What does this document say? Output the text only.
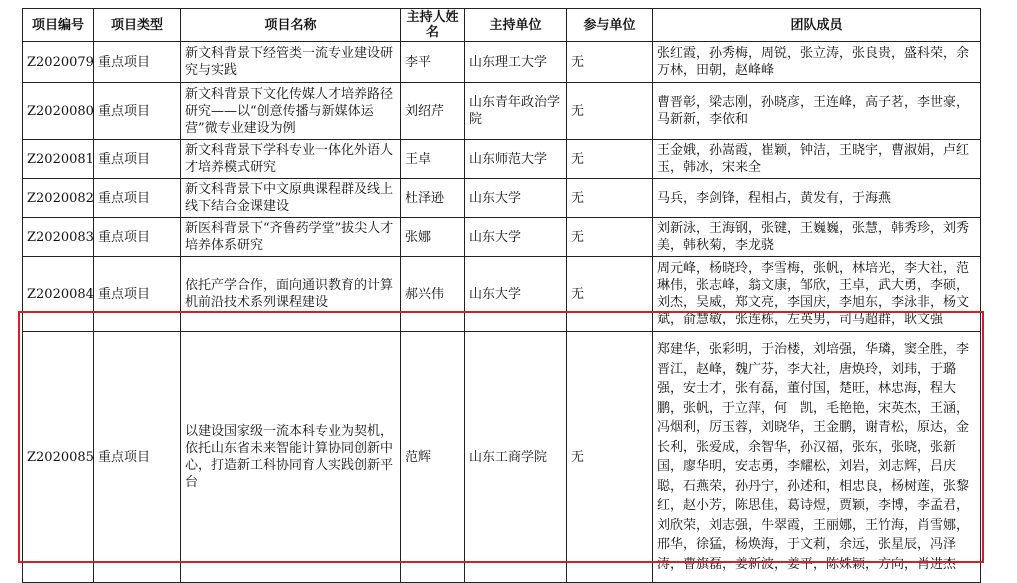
项目编号	项目类型	项目名称	主持人姓名	主持单位	参与单位	团队成员
Z2020079	重点项目	新文科背景下经管类一流专业建设研究与实践	李平	山东理工大学	无	张红霞，孙秀梅，周锐，张立涛，张良贵，盛科荣，余万林，田朝，赵峰峰
Z2020080	重点项目	新文科背景下文化传媒人才培养路径研究——以“创意传播与新媒体运营”微专业建设为例	刘绍芹	山东青年政治学院	无	曹晋彰，梁志刚，孙晓彦，王连峰，高子茗，李世豪，马新新，李依和
Z2020081	重点项目	新文科背景下学科专业一体化外语人才培养模式研究	王卓	山东师范大学	无	王金娥，孙嵩霞，崔颖，钟洁，王晓宇，曹淑娟，卢红玉，韩冰，宋来全
Z2020082	重点项目	新文科背景下中文原典课程群及线上线下结合金课建设	杜泽逊	山东大学	无	马兵，李剑锋，程相占，黄发有，于海燕
Z2020083	重点项目	新医科背景下“齐鲁药学堂”拔尖人才培养体系研究	张娜	山东大学	无	刘新泳，王海钢，张键，王巍巍，张慧，韩秀珍，刘秀美，韩秋菊，李龙骁
Z2020084	重点项目	依托产学合作，面向通识教育的计算机前沿技术系列课程建设	郝兴伟	山东大学	无	周元峰，杨晓玲，李雪梅，张帆，林培光，李大社，范琳伟，张志峰，翁文康，邹欣，王卓，武大勇，李硕，刘杰，吴威，郑文亮，李国庆，李旭东，李泳非，杨文斌，俞慧敏，张连栋，左英男，司马超群，耿文强
Z2020085	重点项目	以建设国家级一流本科专业为契机，依托山东省未来智能计算协同创新中心，打造新工科协同育人实践创新平台	范辉	山东工商学院	无	郑建华，张彩明，于治楼，刘培强，华璘，窦全胜，李晋江，赵峰，魏广芬，李大社，唐焕玲，刘玮，于璐强，安士才，张有磊，董付国，楚旺，林忠海，程大鹏，张帆，于立萍，何　凯，毛艳艳，宋英杰，王涵，冯烟利，厉玉蓉，刘晓华，王金鹏，谢青松，原达，金长利，张爱成，余智华，孙汉福，张东，张晓，张新国，廖华明，安志勇，李耀松，刘岩，刘志辉，吕庆聪，石燕荣，孙丹宁，孙述和，相忠良，杨树莲，张黎红，赵小芳，陈思佳，葛诗煜，贾颖，李博，李孟君，刘欣荣，刘志强，牛翠霞，王丽娜，王竹海，肖雪娜，邢华，徐猛，杨焕海，于文莉，余远，张星辰，冯泽涛，曹旗磊，姜新波，姜平，陈姝颖，方向，肖进杰
